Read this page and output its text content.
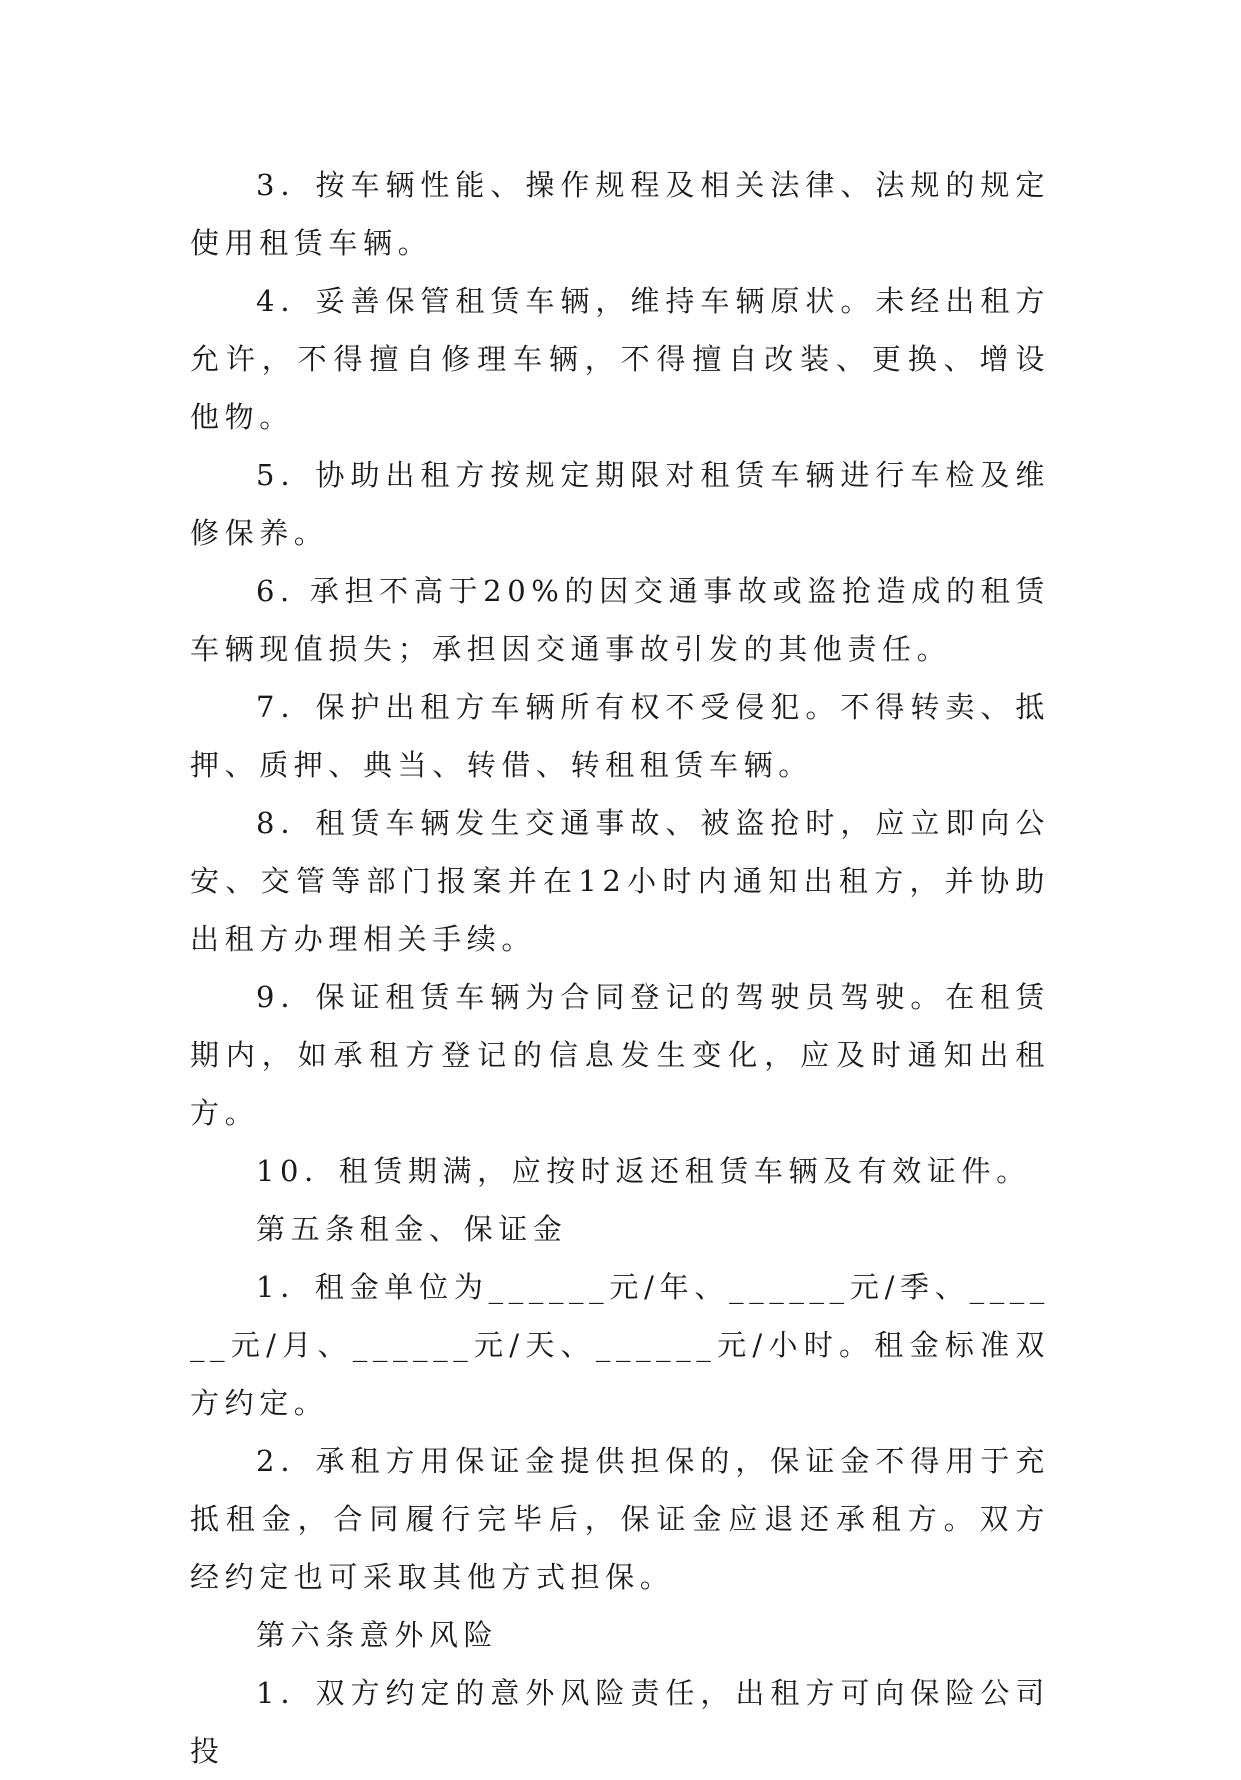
3．按车辆性能、操作规程及相关法律、法规的规定使用租赁车辆。

4．妥善保管租赁车辆，维持车辆原状。未经出租方允许，不得擅自修理车辆，不得擅自改装、更换、增设他物。

5．协助出租方按规定期限对租赁车辆进行车检及维修保养。

6. 承担不高于20%的因交通事故或盗抢造成的租赁车辆现值损失；承担因交通事故引发的其他责任。

7．保护出租方车辆所有权不受侵犯。不得转卖、抵押、质押、典当、转借、转租租赁车辆。

8．租赁车辆发生交通事故、被盗抢时，应立即向公安、交管等部门报案并在12小时内通知出租方，并协助出租方办理相关手续。

9．保证租赁车辆为合同登记的驾驶员驾驶。在租赁期内，如承租方登记的信息发生变化，应及时通知出租方。

10．租赁期满，应按时返还租赁车辆及有效证件。

第五条租金、保证金

1．租金单位为______元/年、______元/季、______元/月、______元/天、______元/小时。租金标准双方约定。

2．承租方用保证金提供担保的，保证金不得用于充抵租金，合同履行完毕后，保证金应退还承租方。双方经约定也可采取其他方式担保。

第六条意外风险

1．双方约定的意外风险责任，出租方可向保险公司投
